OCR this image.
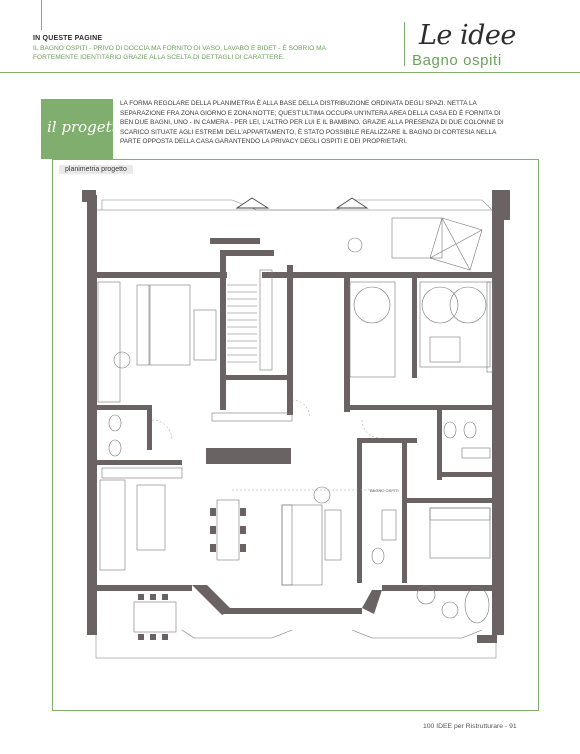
IN QUESTE PAGINE
IL BAGNO OSPITI - PRIVO DI DOCCIA MA FORNITO DI VASO, LAVABO E BIDET - È SOBRIO MA FORTEMENTE IDENTITARIO GRAZIE ALLA SCELTA DI DETTAGLI DI CARATTERE.
Le idee
Bagno ospiti
il progetto
LA FORMA REGOLARE DELLA PLANIMETRIA È ALLA BASE DELLA DISTRIBUZIONE ORDINATA DEGLI SPAZI. NETTA LA SEPARAZIONE FRA ZONA GIORNO E ZONA NOTTE; QUEST'ULTIMA OCCUPA UN'INTERA AREA DELLA CASA ED È FORNITA DI BEN DUE BAGNI, UNO - IN CAMERA - PER LEI, L'ALTRO PER LUI E IL BAMBINO. GRAZIE ALLA PRESENZA DI DUE COLONNE DI SCARICO SITUATE AGLI ESTREMI DELL'APPARTAMENTO, È STATO POSSIBILE REALIZZARE IL BAGNO DI CORTESIA NELLA PARTE OPPOSTA DELLA CASA GARANTENDO LA PRIVACY DEGLI OSPITI E DEI PROPRIETARI.
planimetria progetto
BAGNO OSPITI
100 IDEE per Ristrutturare - 91
